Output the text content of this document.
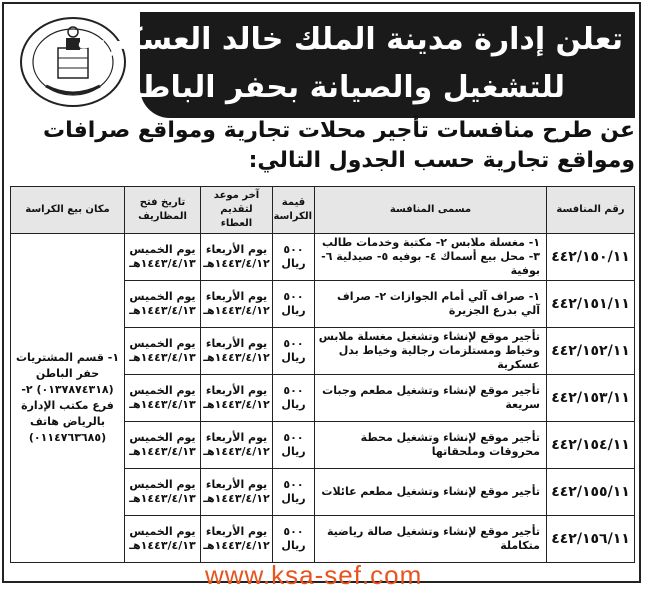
تعلن إدارة مدينة الملك خالد العسكرية
للتشغيل والصيانة بحفر الباطن
عن طرح منافسات تأجير محلات تجارية ومواقع صرافات
ومواقع تجارية حسب الجدول التالي:
رقم المنافسة	مسمى المنافسة	قيمة الكراسة	آخر موعد لتقديم العطاء	تاريخ فتح المظاريف	مكان بيع الكراسة
٤٤٢/١٥٠/١١	١- مغسلة ملابس ٢- مكتبة وخدمات طالب ٣- محل بيع أسماك ٤- بوفيه ٥- صيدلية ٦- بوفية	٥٠٠ ريال	يوم الأربعاء ١٤٤٣/٤/١٢هـ	يوم الخميس ١٤٤٣/٤/١٣هـ	١- قسم المشتريات حفر الباطن (٠١٣٧٨٧٤٣١٨) ٢- فرع مكتب الإدارة بالرياض هاتف (٠١١٤٧٦٣٦٨٥)
٤٤٢/١٥١/١١	١- صراف آلي أمام الجوازات ٢- صراف آلي بدرع الجزيرة	٥٠٠ ريال	يوم الأربعاء ١٤٤٣/٤/١٢هـ	يوم الخميس ١٤٤٣/٤/١٣هـ	
٤٤٢/١٥٢/١١	تأجير موقع لإنشاء وتشغيل مغسلة ملابس وخياط ومستلزمات رجالية وخياط بدل عسكرية	٥٠٠ ريال	يوم الأربعاء ١٤٤٣/٤/١٢هـ	يوم الخميس ١٤٤٣/٤/١٣هـ	
٤٤٢/١٥٣/١١	تأجير موقع لإنشاء وتشغيل مطعم وجبات سريعة	٥٠٠ ريال	يوم الأربعاء ١٤٤٣/٤/١٢هـ	يوم الخميس ١٤٤٣/٤/١٣هـ	
٤٤٢/١٥٤/١١	تأجير موقع لإنشاء وتشغيل محطة محروقات وملحقاتها	٥٠٠ ريال	يوم الأربعاء ١٤٤٣/٤/١٢هـ	يوم الخميس ١٤٤٣/٤/١٣هـ	
٤٤٢/١٥٥/١١	تأجير موقع لإنشاء وتشغيل مطعم عائلات	٥٠٠ ريال	يوم الأربعاء ١٤٤٣/٤/١٢هـ	يوم الخميس ١٤٤٣/٤/١٣هـ	
٤٤٢/١٥٦/١١	تأجير موقع لإنشاء وتشغيل صالة رياضية متكاملة	٥٠٠ ريال	يوم الأربعاء ١٤٤٣/٤/١٢هـ	يوم الخميس ١٤٤٣/٤/١٣هـ	
www.ksa-sef.com
